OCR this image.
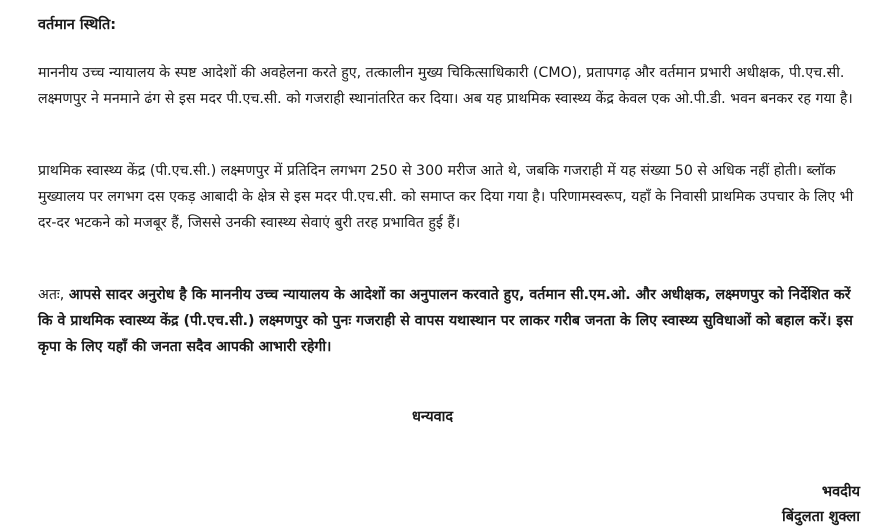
वर्तमान स्थिति:

माननीय उच्च न्यायालय के स्पष्ट आदेशों की अवहेलना करते हुए, तत्कालीन मुख्य चिकित्साधिकारी (CMO), प्रतापगढ़ और वर्तमान प्रभारी अधीक्षक, पी.एच.सी. लक्ष्मणपुर ने मनमाने ढंग से इस मदर पी.एच.सी. को गजराही स्थानांतरित कर दिया। अब यह प्राथमिक स्वास्थ्य केंद्र केवल एक ओ.पी.डी. भवन बनकर रह गया है।

प्राथमिक स्वास्थ्य केंद्र (पी.एच.सी.) लक्ष्मणपुर में प्रतिदिन लगभग 250 से 300 मरीज आते थे, जबकि गजराही में यह संख्या 50 से अधिक नहीं होती। ब्लॉक मुख्यालय पर लगभग दस एकड़ आबादी के क्षेत्र से इस मदर पी.एच.सी. को समाप्त कर दिया गया है। परिणामस्वरूप, यहाँ के निवासी प्राथमिक उपचार के लिए भी दर-दर भटकने को मजबूर हैं, जिससे उनकी स्वास्थ्य सेवाएं बुरी तरह प्रभावित हुई हैं।

अतः, आपसे सादर अनुरोध है कि माननीय उच्च न्यायालय के आदेशों का अनुपालन करवाते हुए, वर्तमान सी.एम.ओ. और अधीक्षक, लक्ष्मणपुर को निर्देशित करें कि वे प्राथमिक स्वास्थ्य केंद्र (पी.एच.सी.) लक्ष्मणपुर को पुनः गजराही से वापस यथास्थान पर लाकर गरीब जनता के लिए स्वास्थ्य सुविधाओं को बहाल करें। इस कृपा के लिए यहाँ की जनता सदैव आपकी आभारी रहेगी।

धन्यवाद

भवदीय
बिंदुलता शुक्ला
